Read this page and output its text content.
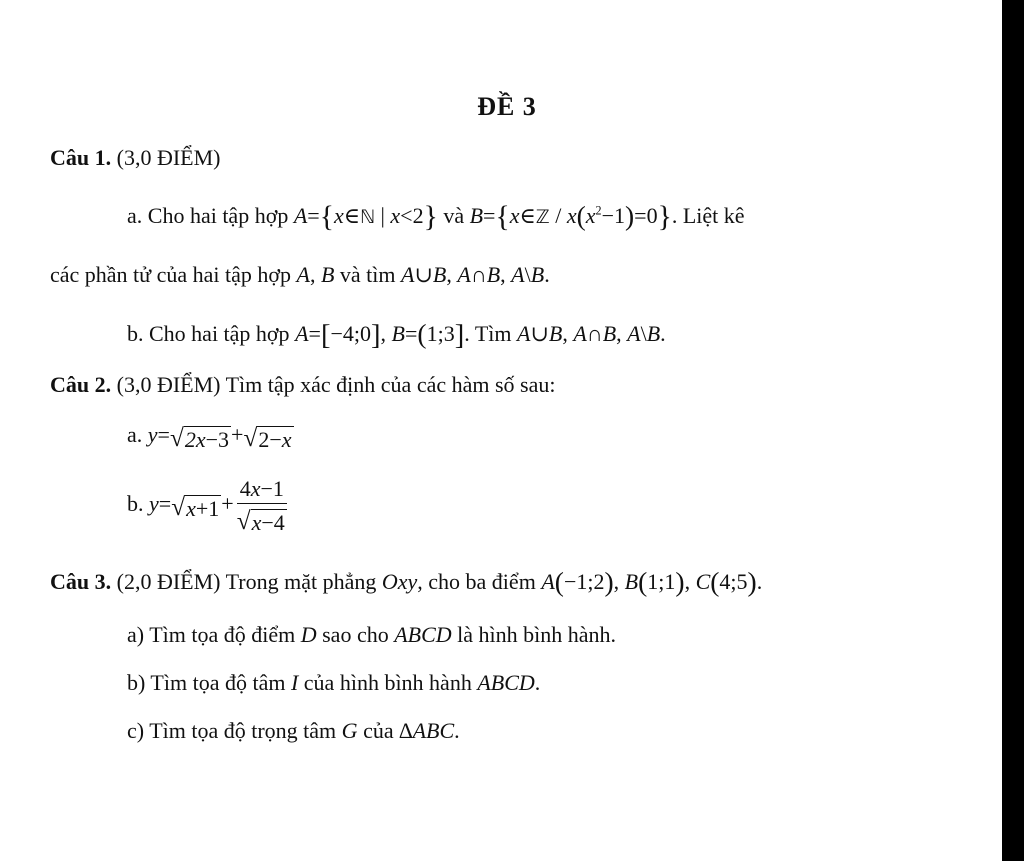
ĐỀ 3
Câu 1. (3,0 ĐIỂM)
a. Cho hai tập hợp A={x∈ℕ | x<2} và B={x∈ℤ / $x(x^2-1)=0$}. Liệt kê
các phần tử của hai tập hợp A, B và tìm A∪B, A∩B, A\B.
b. Cho hai tập hợp A=[−4;0], B=(1;3]. Tìm A∪B, A∩B, A\B.
Câu 2. (3,0 ĐIỂM) Tìm tập xác định của các hàm số sau:
a. y= √ 2x−3 + √ 2−x
b. y= √ $x+1 + \frac{4x-1}{√ x-4}$
Câu 3. (2,0 ĐIỂM) Trong mặt phẳng Oxy, cho ba điểm A(−1;2), B(1;1), C(4;5).
a) Tìm tọa độ điểm D sao cho ABCD là hình bình hành.
b) Tìm tọa độ tâm I của hình bình hành ABCD.
c) Tìm tọa độ trọng tâm G của ∆ABC.
